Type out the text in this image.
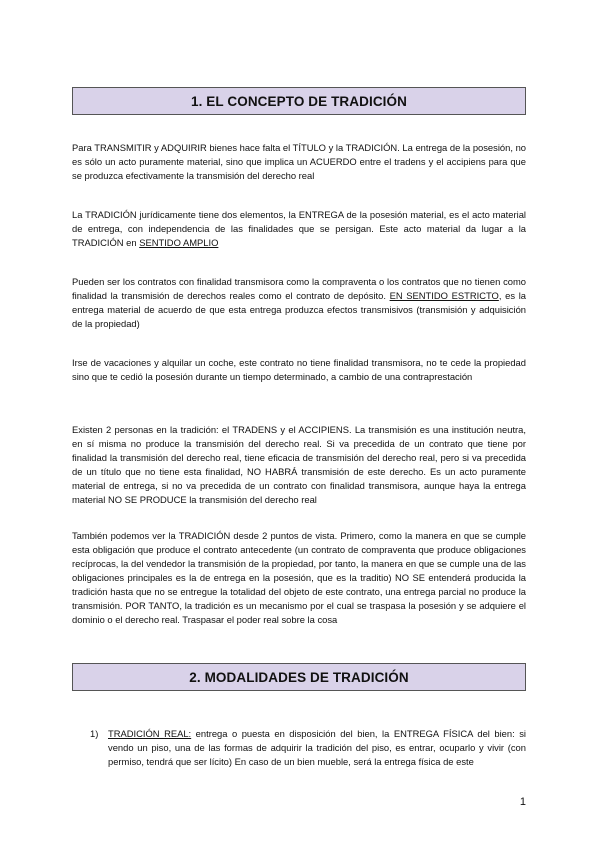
1. EL CONCEPTO DE TRADICIÓN

Para TRANSMITIR y ADQUIRIR bienes hace falta el TÍTULO y la TRADICIÓN. La entrega de la posesión, no es sólo un acto puramente material, sino que implica un ACUERDO entre el tradens y el accipiens para que se produzca efectivamente la transmisión del derecho real

La TRADICIÓN jurídicamente tiene dos elementos, la ENTREGA de la posesión material, es el acto material de entrega, con independencia de las finalidades que se persigan. Este acto material da lugar a la TRADICIÓN en SENTIDO AMPLIO

Pueden ser los contratos con finalidad transmisora como la compraventa o los contratos que no tienen como finalidad la transmisión de derechos reales como el contrato de depósito. EN SENTIDO ESTRICTO, es la entrega material de acuerdo de que esta entrega produzca efectos transmisivos (transmisión y adquisición de la propiedad)

Irse de vacaciones y alquilar un coche, este contrato no tiene finalidad transmisora, no te cede la propiedad sino que te cedió la posesión durante un tiempo determinado, a cambio de una contraprestación

Existen 2 personas en la tradición: el TRADENS y el ACCIPIENS. La transmisión es una institución neutra, en sí misma no produce la transmisión del derecho real. Si va precedida de un contrato que tiene por finalidad la transmisión del derecho real, tiene eficacia de transmisión del derecho real, pero si va precedida de un título que no tiene esta finalidad, NO HABRÁ transmisión de este derecho. Es un acto puramente material de entrega, si no va precedida de un contrato con finalidad transmisora, aunque haya la entrega material NO SE PRODUCE la transmisión del derecho real

También podemos ver la TRADICIÓN desde 2 puntos de vista. Primero, como la manera en que se cumple esta obligación que produce el contrato antecedente (un contrato de compraventa que produce obligaciones recíprocas, la del vendedor la transmisión de la propiedad, por tanto, la manera en que se cumple una de las obligaciones principales es la de entrega en la posesión, que es la traditio) NO SE entenderá producida la tradición hasta que no se entregue la totalidad del objeto de este contrato, una entrega parcial no produce la transmisión. POR TANTO, la tradición es un mecanismo por el cual se traspasa la posesión y se adquiere el dominio o el derecho real. Traspasar el poder real sobre la cosa

2. MODALIDADES DE TRADICIÓN
1)	TRADICIÓN REAL: entrega o puesta en disposición del bien, la ENTREGA FÍSICA del bien: si vendo un piso, una de las formas de adquirir la tradición del piso, es entrar, ocuparlo y vivir (con permiso, tendrá que ser lícito) En caso de un bien mueble, será la entrega física de este
1
